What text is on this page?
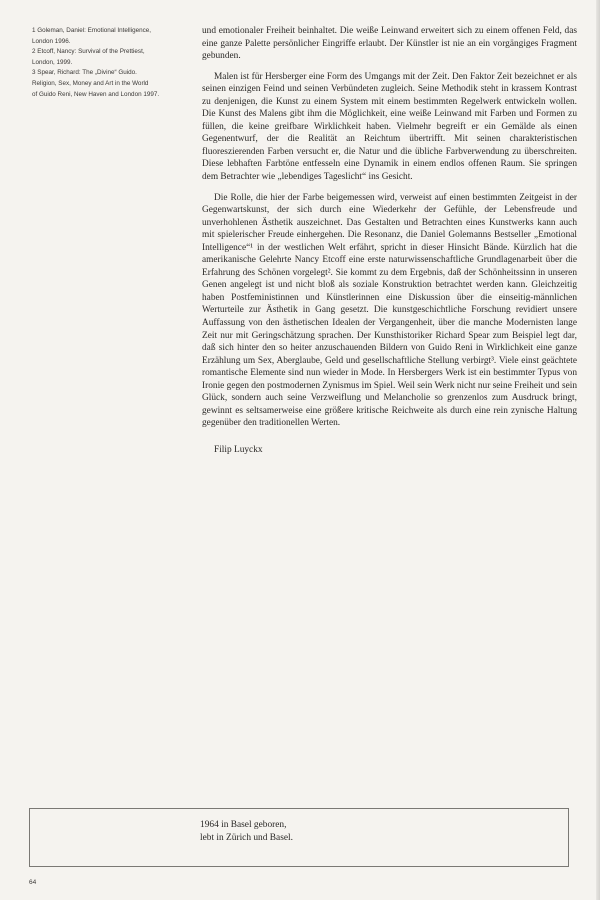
1 Goleman, Daniel: Emotional Intelligence,
London 1996.

2 Etcoff, Nancy: Survival of the Prettiest,
London, 1999.

3 Spear, Richard: The „Divine“ Guido.
Religion, Sex, Money and Art in the World
of Guido Reni, New Haven and London 1997.

und emotionaler Freiheit beinhaltet. Die weiße Leinwand erweitert sich zu einem offenen Feld, das eine ganze Palette persönlicher Eingriffe erlaubt. Der Künstler ist nie an ein vorgängiges Fragment gebunden.

Malen ist für Hersberger eine Form des Umgangs mit der Zeit. Den Faktor Zeit bezeichnet er als seinen einzigen Feind und seinen Verbündeten zugleich. Seine Methodik steht in krassem Kontrast zu denjenigen, die Kunst zu einem System mit einem bestimmten Regelwerk entwickeln wollen. Die Kunst des Malens gibt ihm die Möglichkeit, eine weiße Leinwand mit Farben und Formen zu füllen, die keine greifbare Wirklichkeit haben. Vielmehr begreift er ein Gemälde als einen Gegenentwurf, der die Realität an Reichtum übertrifft. Mit seinen charakteristischen fluoreszierenden Farben versucht er, die Natur und die übliche Farbverwendung zu überschreiten. Diese lebhaften Farbtöne entfesseln eine Dynamik in einem endlos offenen Raum. Sie springen dem Betrachter wie „lebendiges Tageslicht“ ins Gesicht.

Die Rolle, die hier der Farbe beigemessen wird, verweist auf einen bestimmten Zeitgeist in der Gegenwartskunst, der sich durch eine Wiederkehr der Gefühle, der Lebensfreude und unverhohlenen Ästhetik auszeichnet. Das Gestalten und Betrachten eines Kunstwerks kann auch mit spielerischer Freude einhergehen. Die Resonanz, die Daniel Golemanns Bestseller „Emotional Intelligence“¹ in der westlichen Welt erfährt, spricht in dieser Hinsicht Bände. Kürzlich hat die amerikanische Gelehrte Nancy Etcoff eine erste naturwissenschaftliche Grundlagenarbeit über die Erfahrung des Schönen vorgelegt². Sie kommt zu dem Ergebnis, daß der Schönheitssinn in unseren Genen angelegt ist und nicht bloß als soziale Konstruktion betrachtet werden kann. Gleichzeitig haben Postfeministinnen und Künstlerinnen eine Diskussion über die einseitig-männlichen Werturteile zur Ästhetik in Gang gesetzt. Die kunstgeschichtliche Forschung revidiert unsere Auffassung von den ästhetischen Idealen der Vergangenheit, über die manche Modernisten lange Zeit nur mit Geringschätzung sprachen. Der Kunsthistoriker Richard Spear zum Beispiel legt dar, daß sich hinter den so heiter anzuschauenden Bildern von Guido Reni in Wirklichkeit eine ganze Erzählung um Sex, Aberglaube, Geld und gesellschaftliche Stellung verbirgt³. Viele einst geächtete romantische Elemente sind nun wieder in Mode. In Hersbergers Werk ist ein bestimmter Typus von Ironie gegen den postmodernen Zynismus im Spiel. Weil sein Werk nicht nur seine Freiheit und sein Glück, sondern auch seine Verzweiflung und Melancholie so grenzenlos zum Ausdruck bringt, gewinnt es seltsamerweise eine größere kritische Reichweite als durch eine rein zynische Haltung gegenüber den traditionellen Werten.

Filip Luyckx

1964 in Basel geboren,
lebt in Zürich und Basel.
64
